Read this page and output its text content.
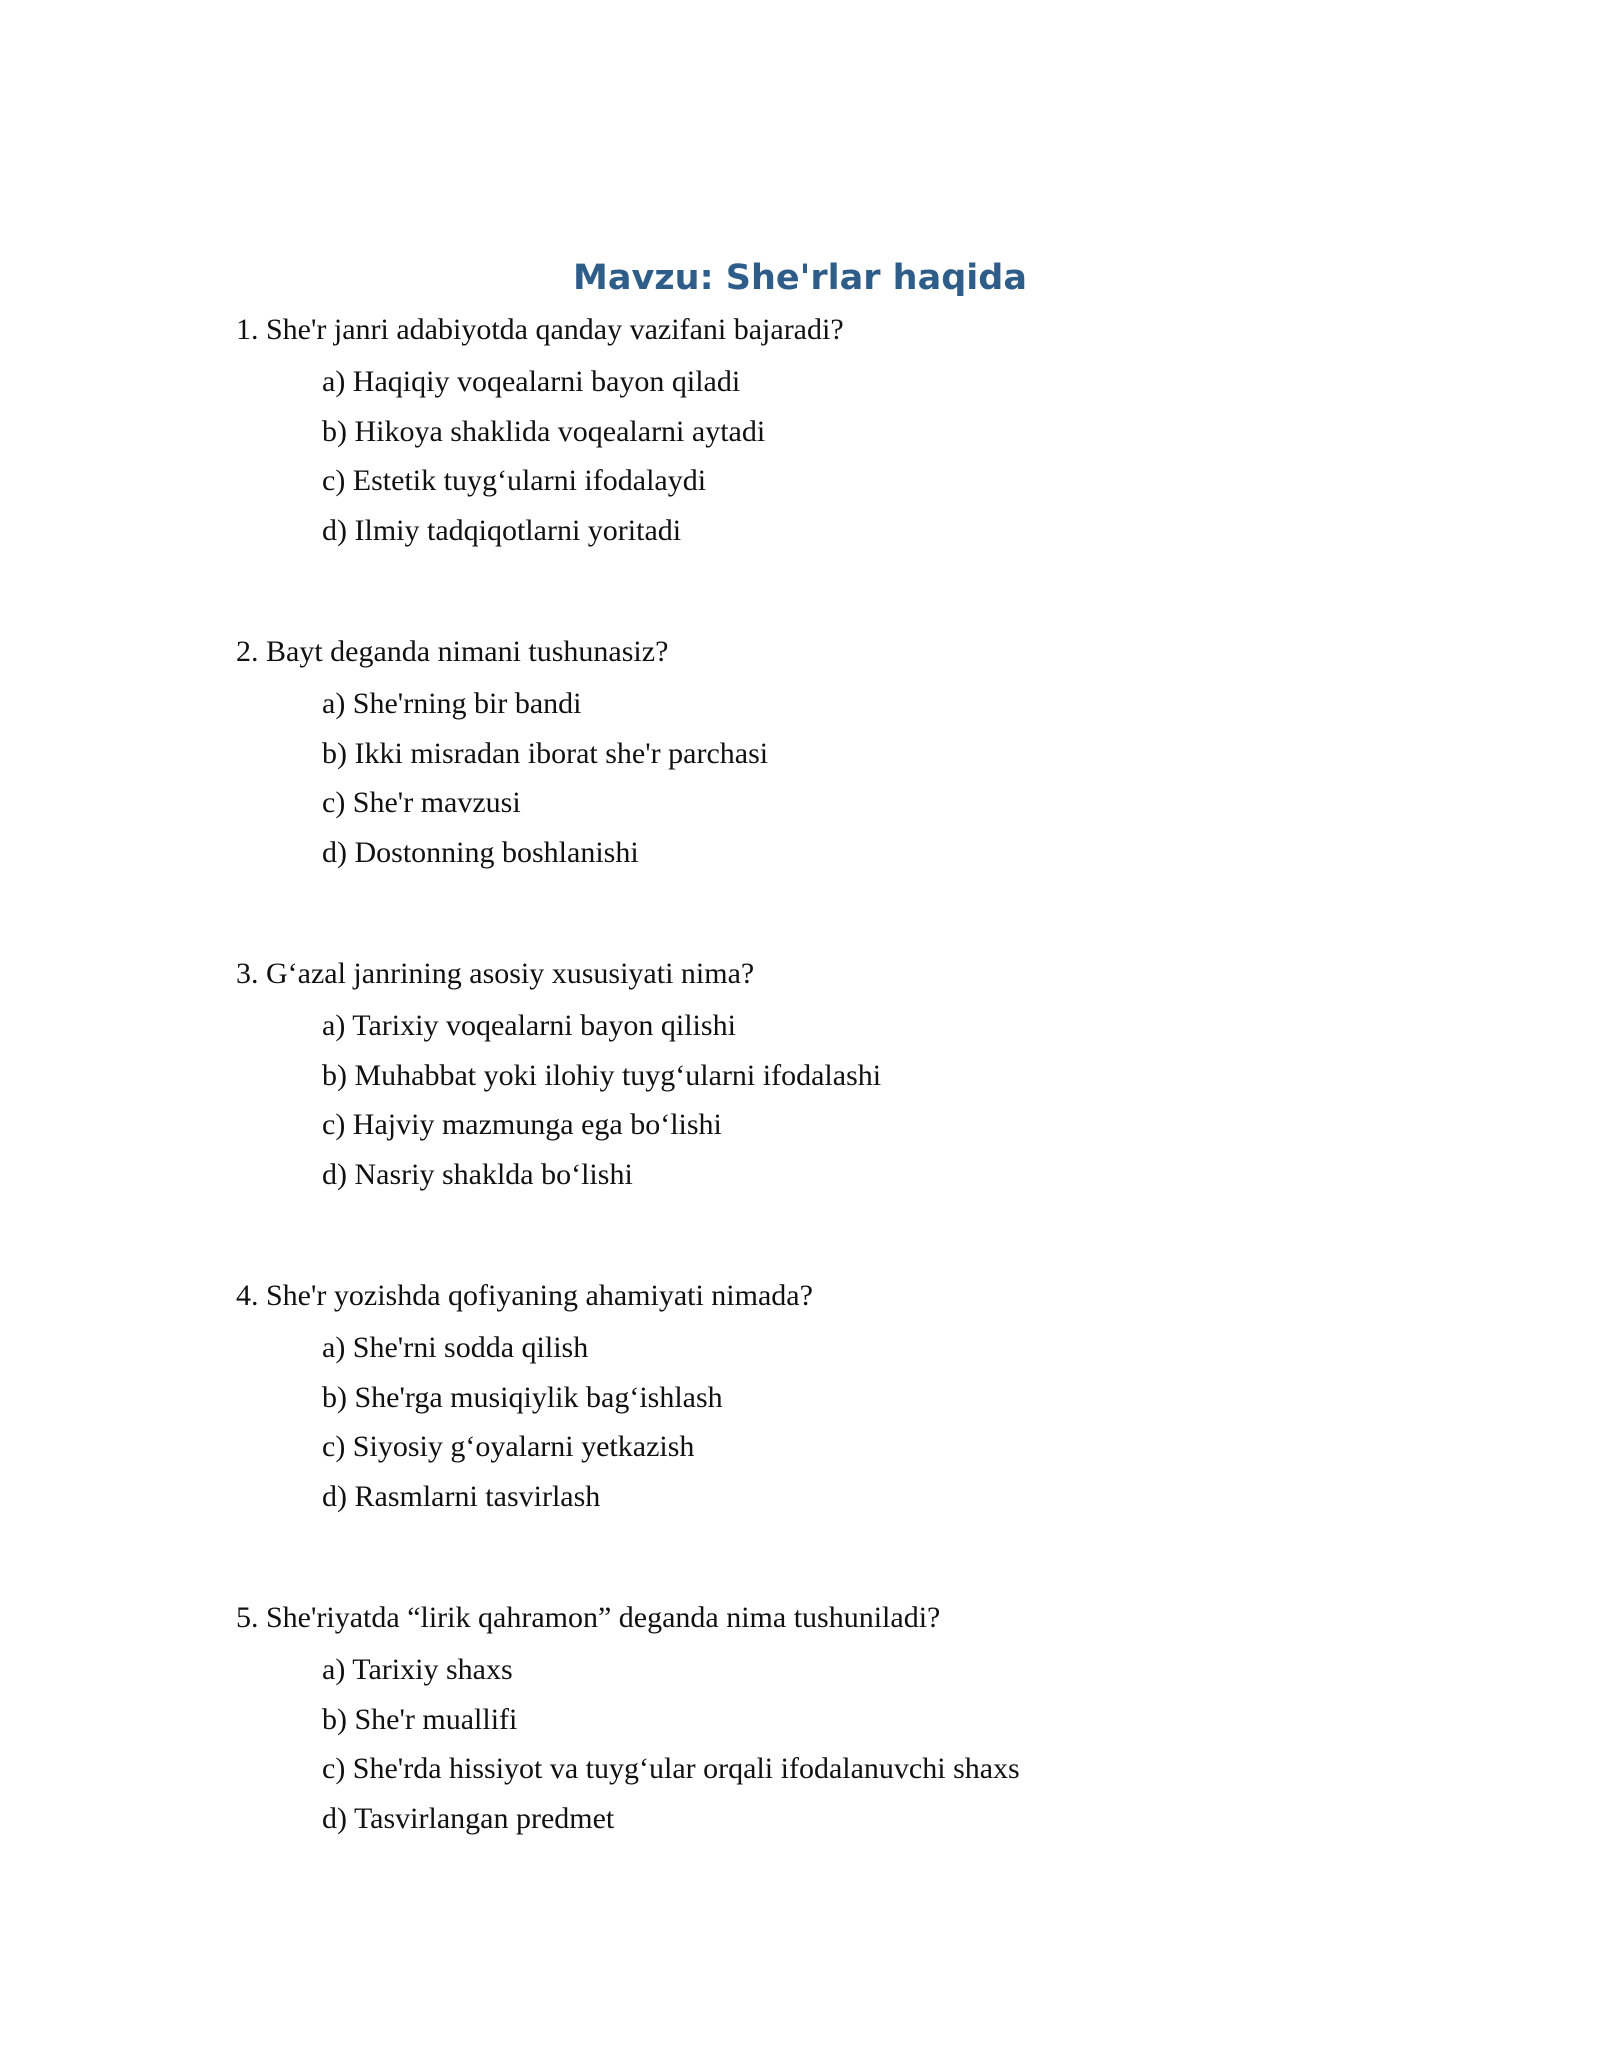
Mavzu: She'rlar haqida
1. She'r janri adabiyotda qanday vazifani bajaradi?
a) Haqiqiy voqealarni bayon qiladi
b) Hikoya shaklida voqealarni aytadi
c) Estetik tuyg‘ularni ifodalaydi
d) Ilmiy tadqiqotlarni yoritadi
2. Bayt deganda nimani tushunasiz?
a) She'rning bir bandi
b) Ikki misradan iborat she'r parchasi
c) She'r mavzusi
d) Dostonning boshlanishi
3. G‘azal janrining asosiy xususiyati nima?
a) Tarixiy voqealarni bayon qilishi
b) Muhabbat yoki ilohiy tuyg‘ularni ifodalashi
c) Hajviy mazmunga ega bo‘lishi
d) Nasriy shakldа bo‘lishi
4. She'r yozishda qofiyaning ahamiyati nimada?
a) She'rni sodda qilish
b) She'rga musiqiylik bag‘ishlash
c) Siyosiy g‘oyalarni yetkazish
d) Rasmlarni tasvirlash
5. She'riyatda “lirik qahramon” deganda nima tushuniladi?
a) Tarixiy shaxs
b) She'r muallifi
c) She'rda hissiyot va tuyg‘ular orqali ifodalanuvchi shaxs
d) Tasvirlangan predmet
